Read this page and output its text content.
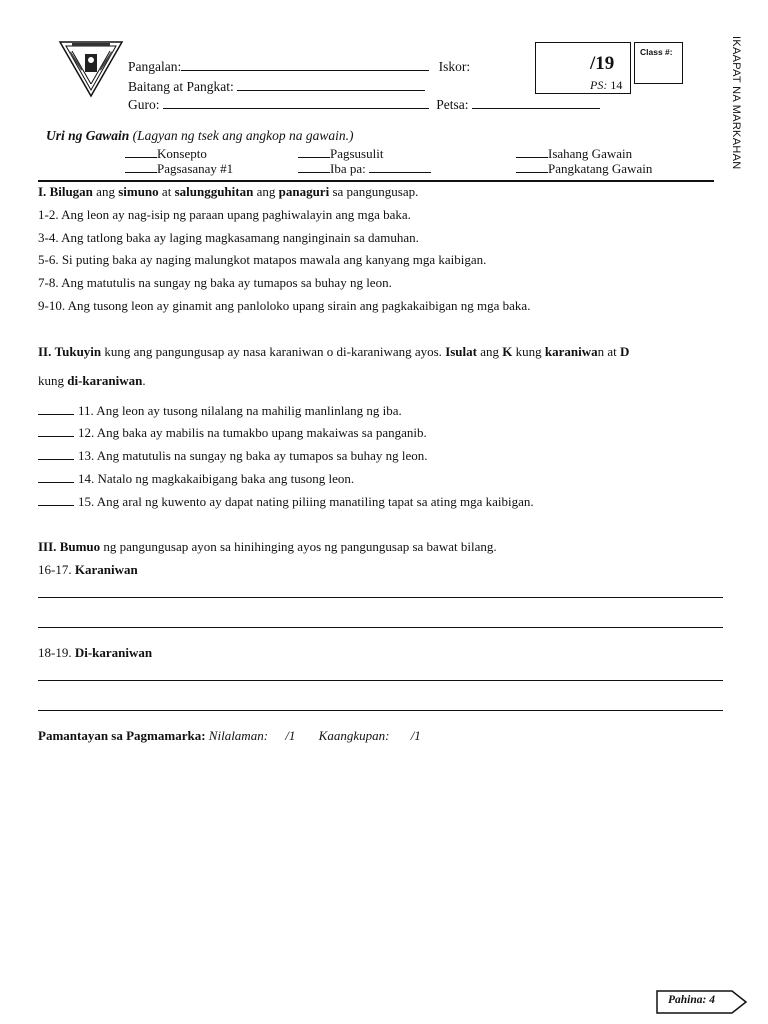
Pangalan:	Iskor:
Baitang at Pangkat:
Guro:	Petsa:
/19
PS: 14
Class #:	IKAAPAT NA MARKAHAN
Uri ng Gawain (Lagyan ng tsek ang angkop na gawain.)
Konsepto	Pagsusulit	Isahang Gawain
Pagsasanay #1	Iba pa:	Pangkatang Gawain
I. Bilugan ang simuno at salungguhitan ang panaguri sa pangungusap.
1-2. Ang leon ay nag-isip ng paraan upang paghiwalayin ang mga baka.
3-4. Ang tatlong baka ay laging magkasamang nanginginain sa damuhan.
5-6. Si puting baka ay naging malungkot matapos mawala ang kanyang mga kaibigan.
7-8. Ang matutulis na sungay ng baka ay tumapos sa buhay ng leon.
9-10. Ang tusong leon ay ginamit ang panloloko upang sirain ang pagkakaibigan ng mga baka.
II. Tukuyin kung ang pangungusap ay nasa karaniwan o di-karaniwang ayos. Isulat ang K kung karaniwan at D
kung di-karaniwan.
11. Ang leon ay tusong nilalang na mahilig manlinlang ng iba.
12. Ang baka ay mabilis na tumakbo upang makaiwas sa panganib.
13. Ang matutulis na sungay ng baka ay tumapos sa buhay ng leon.
14. Natalo ng magkakaibigang baka ang tusong leon.
15. Ang aral ng kuwento ay dapat nating piliing manatiling tapat sa ating mga kaibigan.
III. Bumuo ng pangungusap ayon sa hinihinging ayos ng pangungusap sa bawat bilang.
16-17. Karaniwan
18-19. Di-karaniwan
Pamantayan sa Pagmamarka: Nilalaman: /1 Kaangkupan: /1
Pahina: 4
